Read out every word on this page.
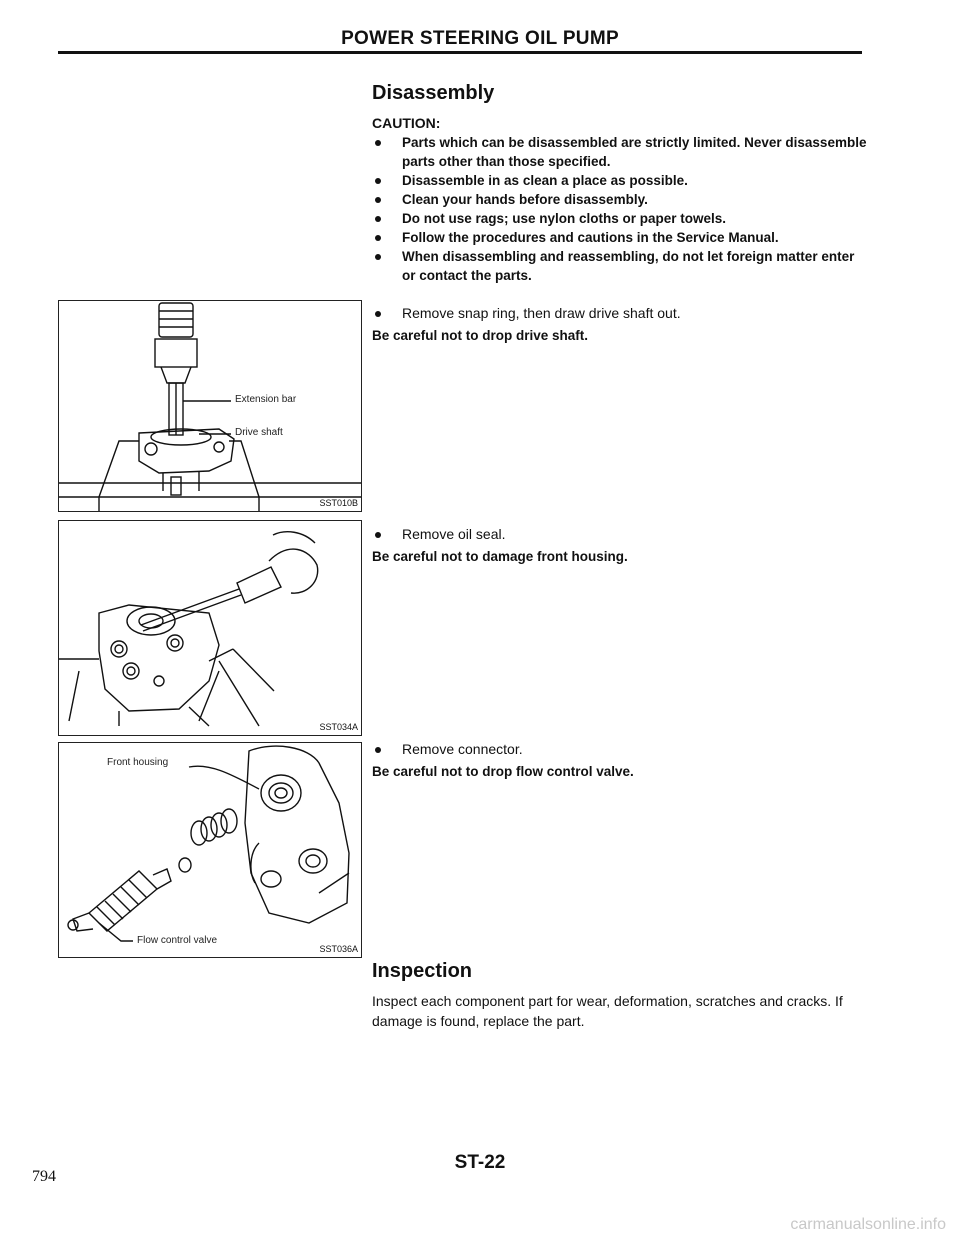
POWER STEERING OIL PUMP
Disassembly
CAUTION:
Parts which can be disassembled are strictly limited. Never disassemble parts other than those specified.
Disassemble in as clean a place as possible.
Clean your hands before disassembly.
Do not use rags; use nylon cloths or paper towels.
Follow the procedures and cautions in the Service Manual.
When disassembling and reassembling, do not let foreign matter enter or contact the parts.
Extension bar
Drive shaft
SST010B
SST034A
Front housing
Flow control valve
SST036A
Remove snap ring, then draw drive shaft out.
Be careful not to drop drive shaft.
Remove oil seal.
Be careful not to damage front housing.
Remove connector.
Be careful not to drop flow control valve.
Inspection
Inspect each component part for wear, deformation, scratches and cracks. If damage is found, replace the part.
ST-22
794
carmanualsonline.info
